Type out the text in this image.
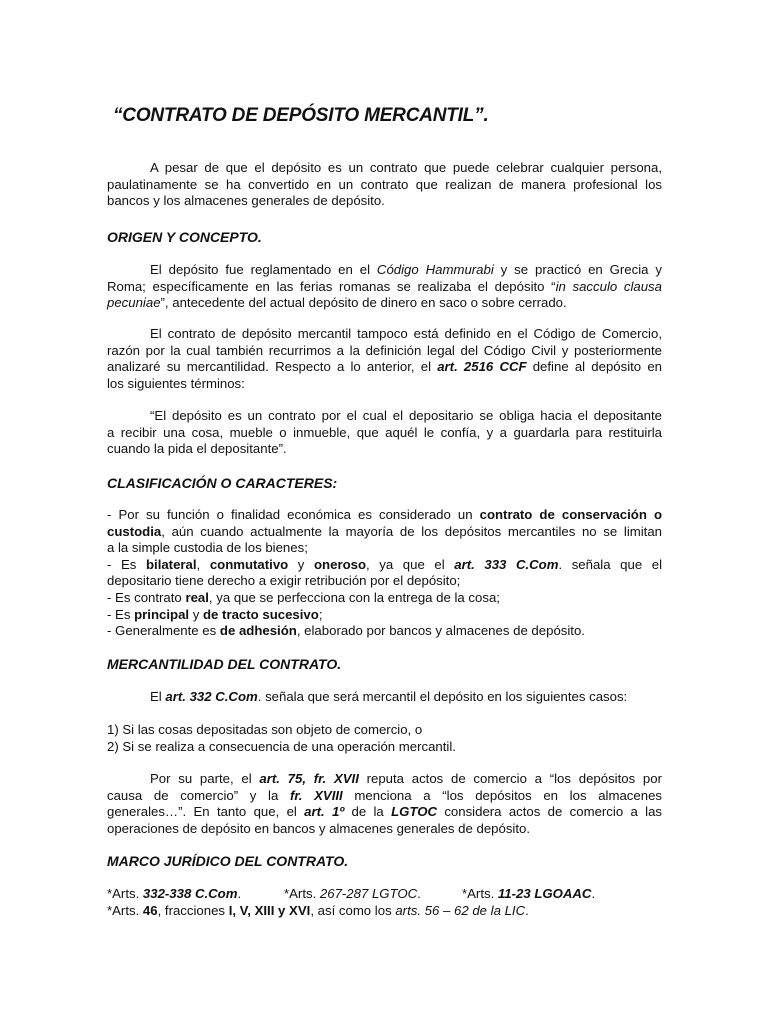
“CONTRATO DE DEPÓSITO MERCANTIL”.
A pesar de que el depósito es un contrato que puede celebrar cualquier persona,
paulatinamente se ha convertido en un contrato que realizan de manera profesional los
bancos y los almacenes generales de depósito.
ORIGEN Y CONCEPTO.
El depósito fue reglamentado en el Código Hammurabi y se practicó en Grecia y
Roma; específicamente en las ferias romanas se realizaba el depósito “in sacculo clausa
pecuniae”, antecedente del actual depósito de dinero en saco o sobre cerrado.
El contrato de depósito mercantil tampoco está definido en el Código de Comercio,
razón por la cual también recurrimos a la definición legal del Código Civil y posteriormente
analizaré su mercantilidad. Respecto a lo anterior, el art. 2516 CCF define al depósito en
los siguientes términos:
“El depósito es un contrato por el cual el depositario se obliga hacia el depositante
a recibir una cosa, mueble o inmueble, que aquél le confía, y a guardarla para restituirla
cuando la pida el depositante”.
CLASIFICACIÓN O CARACTERES:
- Por su función o finalidad económica es considerado un contrato de conservación o
custodia, aún cuando actualmente la mayoría de los depósitos mercantiles no se limitan
a la simple custodia de los bienes;
- Es bilateral, conmutativo y oneroso, ya que el art. 333 C.Com. señala que el
depositario tiene derecho a exigir retribución por el depósito;
- Es contrato real, ya que se perfecciona con la entrega de la cosa;
- Es principal y de tracto sucesivo;
- Generalmente es de adhesión, elaborado por bancos y almacenes de depósito.
MERCANTILIDAD DEL CONTRATO.
El art. 332 C.Com. señala que será mercantil el depósito en los siguientes casos:
1) Si las cosas depositadas son objeto de comercio, o
2) Si se realiza a consecuencia de una operación mercantil.
Por su parte, el art. 75, fr. XVII reputa actos de comercio a “los depósitos por
causa de comercio” y la fr. XVIII menciona a “los depósitos en los almacenes
generales…”. En tanto que, el art. 1º de la LGTOC considera actos de comercio a las
operaciones de depósito en bancos y almacenes generales de depósito.
MARCO JURÍDICO DEL CONTRATO.
*Arts. 332-338 C.Com.	*Arts. 267-287 LGTOC.	*Arts. 11-23 LGOAAC.
*Arts. 46, fracciones I, V, XIII y XVI, así como los arts. 56 – 62 de la LIC.
